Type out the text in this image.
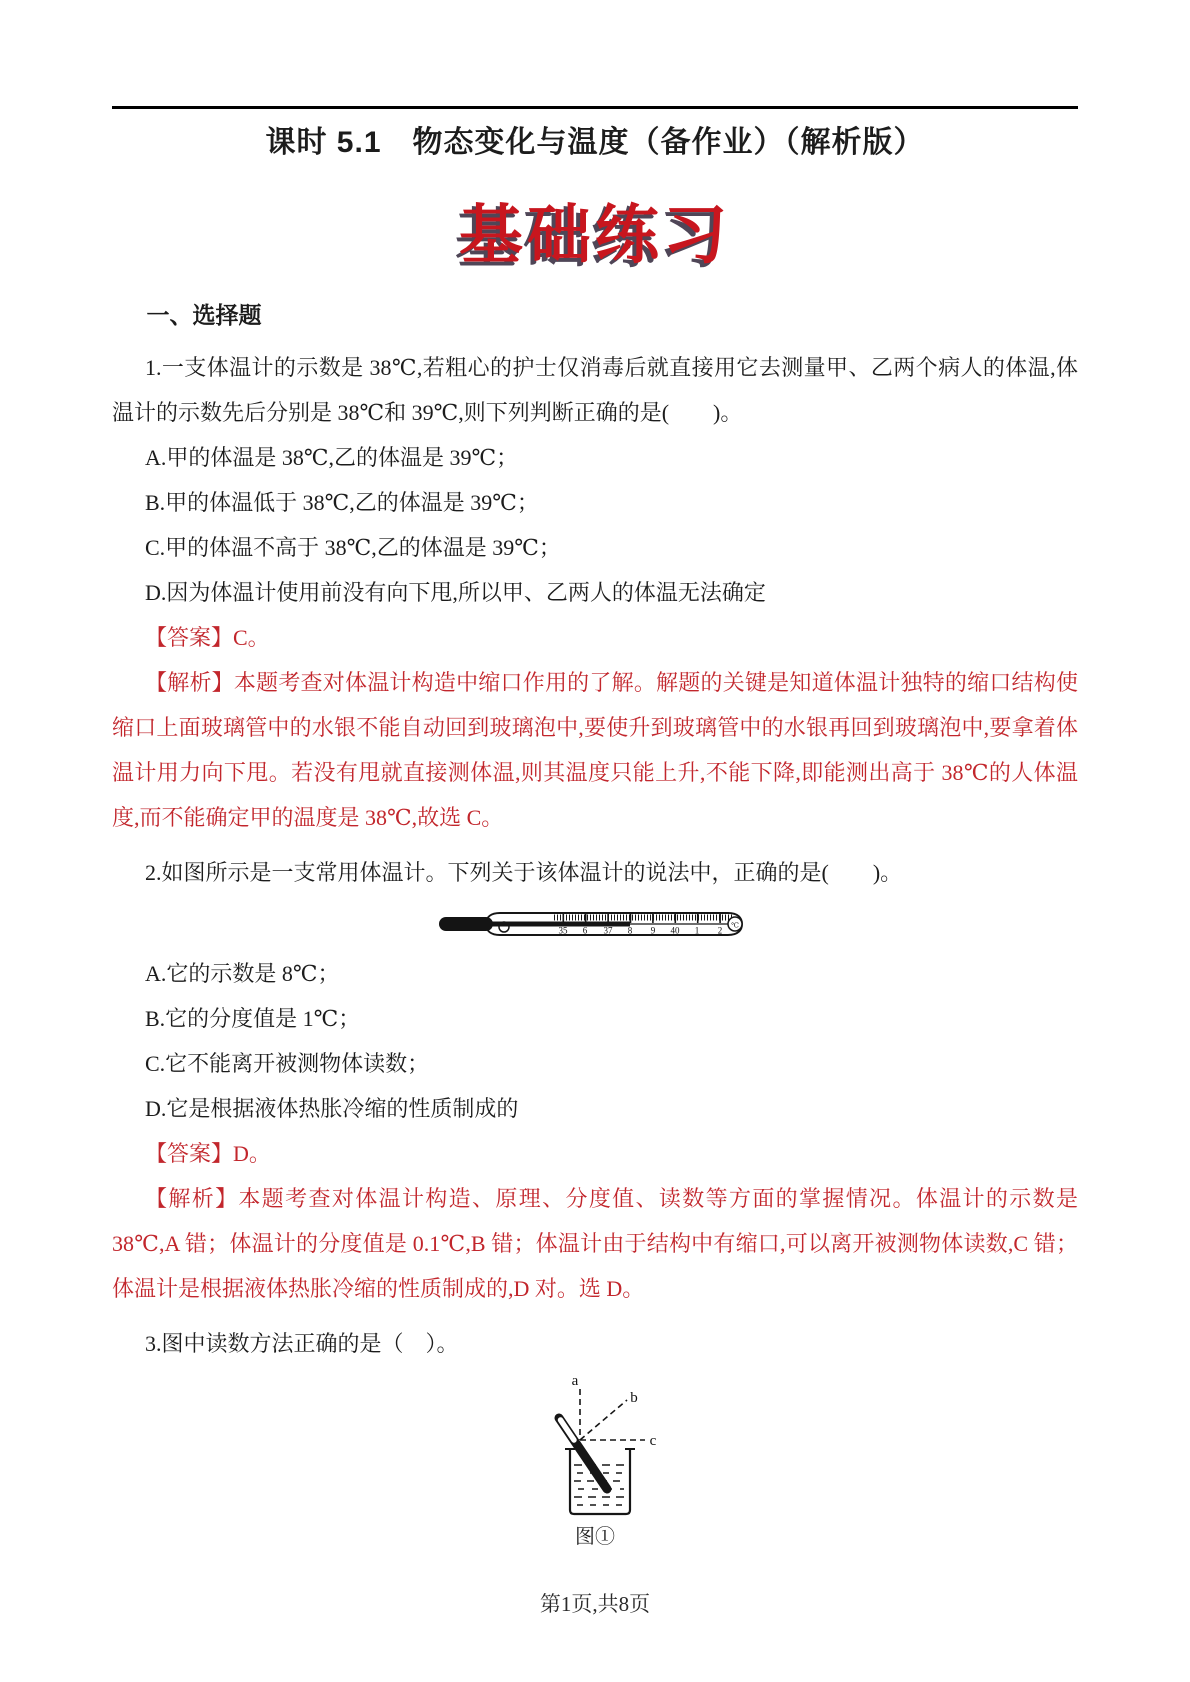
课时 5.1　物态变化与温度（备作业）（解析版）
基础练习
一、选择题

1.一支体温计的示数是 38℃,若粗心的护士仅消毒后就直接用它去测量甲、乙两个病人的体温,体温计的示数先后分别是 38℃和 39℃,则下列判断正确的是(　　)。

A.甲的体温是 38℃,乙的体温是 39℃；

B.甲的体温低于 38℃,乙的体温是 39℃；

C.甲的体温不高于 38℃,乙的体温是 39℃；

D.因为体温计使用前没有向下甩,所以甲、乙两人的体温无法确定

【答案】C。

【解析】本题考查对体温计构造中缩口作用的了解。解题的关键是知道体温计独特的缩口结构使缩口上面玻璃管中的水银不能自动回到玻璃泡中,要使升到玻璃管中的水银再回到玻璃泡中,要拿着体温计用力向下甩。若没有甩就直接测体温,则其温度只能上升,不能下降,即能测出高于 38℃的人体温度,而不能确定甲的温度是 38℃,故选 C。

2.如图所示是一支常用体温计。下列关于该体温计的说法中，正确的是(　　)。

35 6 37 8 9 40 1 2 ℃

A.它的示数是 8℃；

B.它的分度值是 1℃；

C.它不能离开被测物体读数；

D.它是根据液体热胀冷缩的性质制成的

【答案】D。

【解析】本题考查对体温计构造、原理、分度值、读数等方面的掌握情况。体温计的示数是 38℃,A 错；体温计的分度值是 0.1℃,B 错；体温计由于结构中有缩口,可以离开被测物体读数,C 错；体温计是根据液体热胀冷缩的性质制成的,D 对。选 D。

3.图中读数方法正确的是（　）。

a
b
c
图①
第1页,共8页
